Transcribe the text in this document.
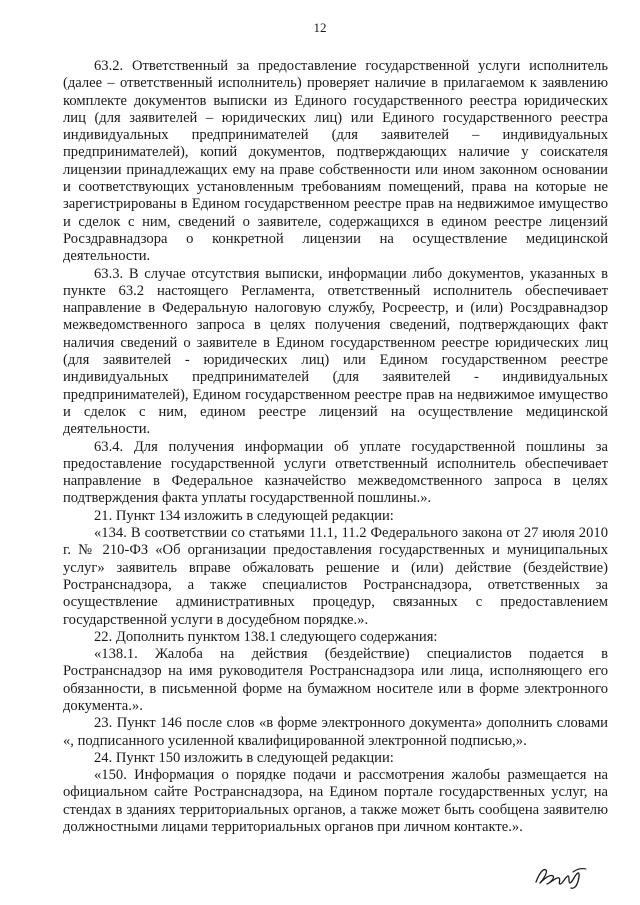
12

63.2. Ответственный за предоставление государственной услуги исполнитель (далее – ответственный исполнитель) проверяет наличие в прилагаемом к заявлению комплекте документов выписки из Единого государственного реестра юридических лиц (для заявителей – юридических лиц) или Единого государственного реестра индивидуальных предпринимателей (для заявителей – индивидуальных предпринимателей), копий документов, подтверждающих наличие у соискателя лицензии принадлежащих ему на праве собственности или ином законном основании и соответствующих установленным требованиям помещений, права на которые не зарегистрированы в Едином государственном реестре прав на недвижимое имущество и сделок с ним, сведений о заявителе, содержащихся в едином реестре лицензий Росздравнадзора о конкретной лицензии на осуществление медицинской деятельности.

63.3. В случае отсутствия выписки, информации либо документов, указанных в пункте 63.2 настоящего Регламента, ответственный исполнитель обеспечивает направление в Федеральную налоговую службу, Росреестр, и (или) Росздравнадзор межведомственного запроса в целях получения сведений, подтверждающих факт наличия сведений о заявителе в Едином государственном реестре юридических лиц (для заявителей - юридических лиц) или Едином государственном реестре индивидуальных предпринимателей (для заявителей - индивидуальных предпринимателей), Едином государственном реестре прав на недвижимое имущество и сделок с ним, едином реестре лицензий на осуществление медицинской деятельности.

63.4. Для получения информации об уплате государственной пошлины за предоставление государственной услуги ответственный исполнитель обеспечивает направление в Федеральное казначейство межведомственного запроса в целях подтверждения факта уплаты государственной пошлины.».

21. Пункт 134 изложить в следующей редакции:

«134. В соответствии со статьями 11.1, 11.2 Федерального закона от 27 июля 2010 г. № 210-ФЗ «Об организации предоставления государственных и муниципальных услуг» заявитель вправе обжаловать решение и (или) действие (бездействие) Ространснадзора, а также специалистов Ространснадзора, ответственных за осуществление административных процедур, связанных с предоставлением государственной услуги в досудебном порядке.».

22. Дополнить пунктом 138.1 следующего содержания:

«138.1. Жалоба на действия (бездействие) специалистов подается в Ространснадзор на имя руководителя Ространснадзора или лица, исполняющего его обязанности, в письменной форме на бумажном носителе или в форме электронного документа.».

23. Пункт 146 после слов «в форме электронного документа» дополнить словами «, подписанного усиленной квалифицированной электронной подписью,».

24. Пункт 150 изложить в следующей редакции:

«150. Информация о порядке подачи и рассмотрения жалобы размещается на официальном сайте Ространснадзора, на Едином портале государственных услуг, на стендах в зданиях территориальных органов, а также может быть сообщена заявителю должностными лицами территориальных органов при личном контакте.».
